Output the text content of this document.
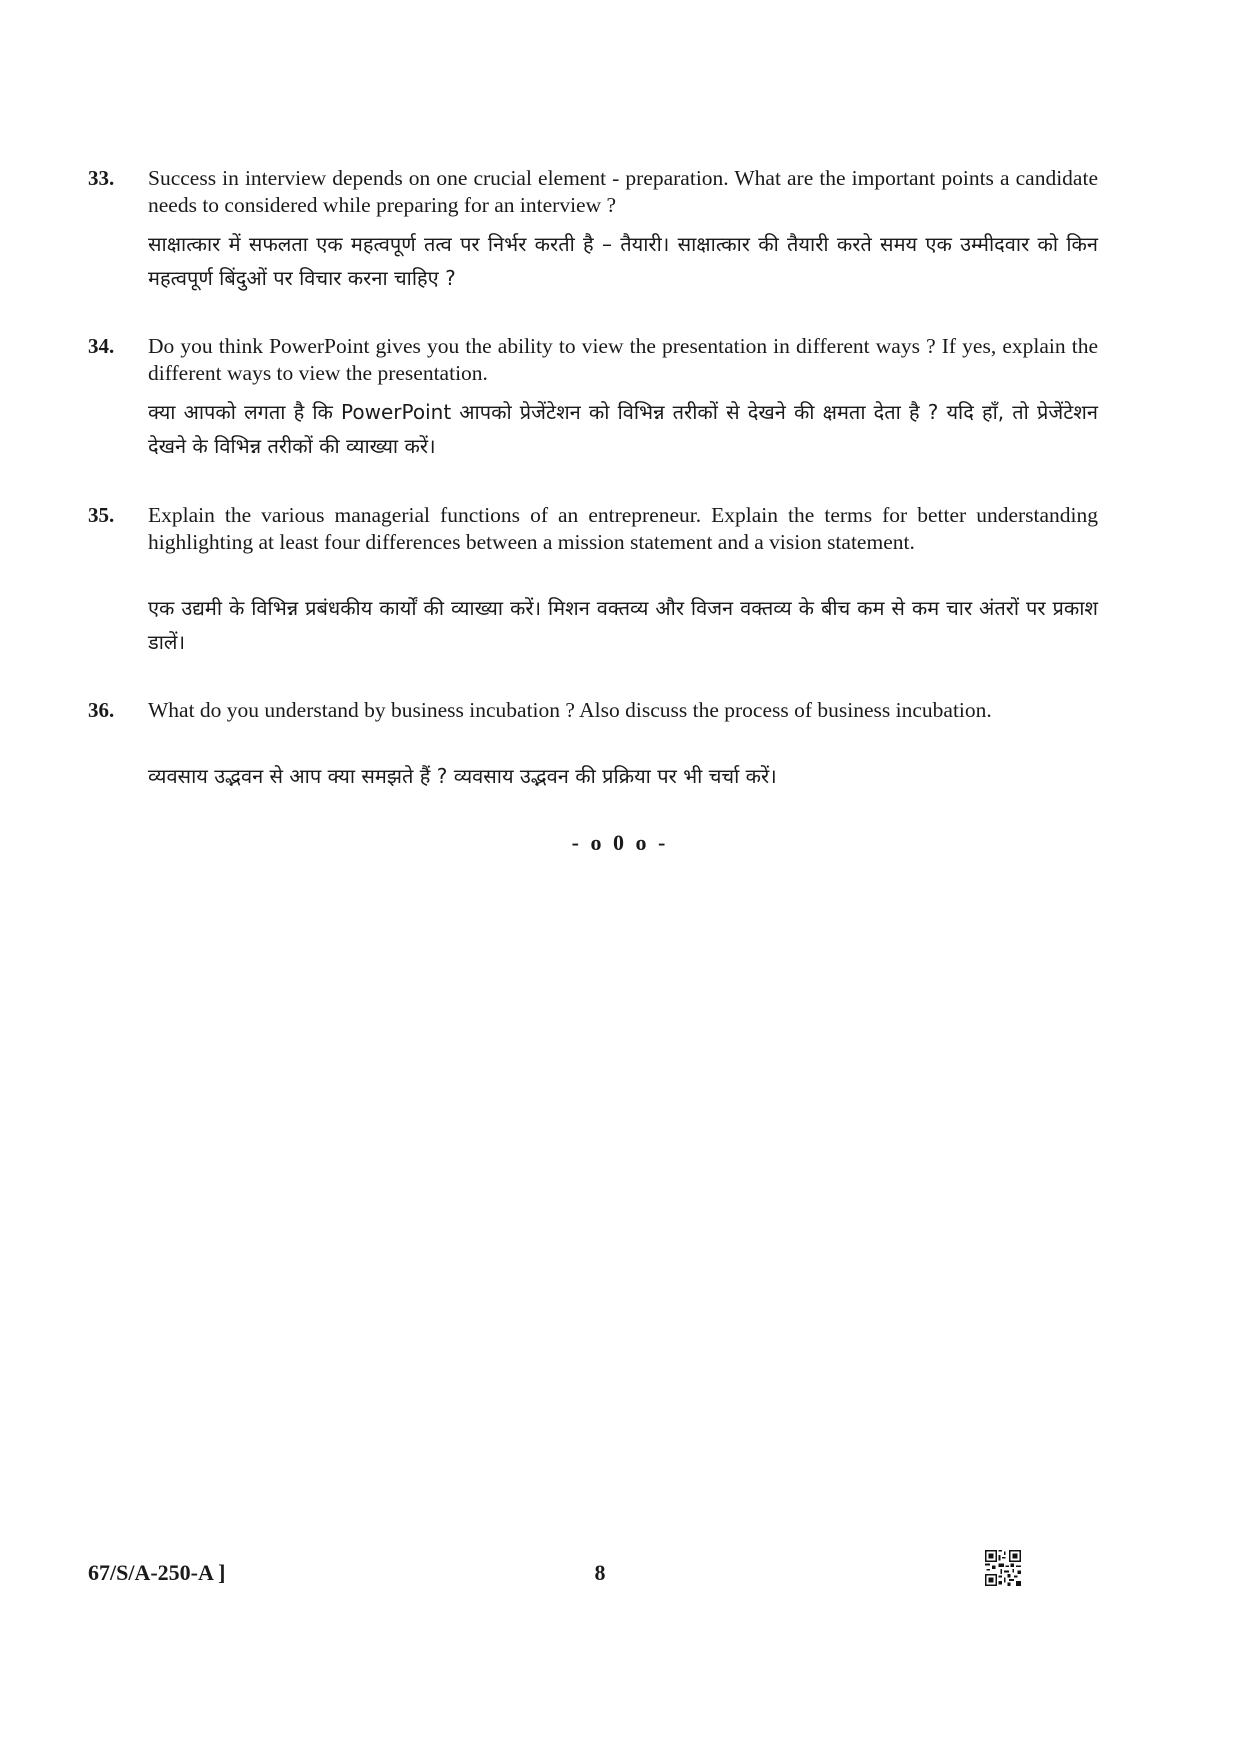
33. Success in interview depends on one crucial element - preparation. What are the important points a candidate needs to considered while preparing for an interview ?

साक्षात्कार में सफलता एक महत्वपूर्ण तत्व पर निर्भर करती है – तैयारी। साक्षात्कार की तैयारी करते समय एक उम्मीदवार को किन महत्वपूर्ण बिंदुओं पर विचार करना चाहिए ?

34. Do you think PowerPoint gives you the ability to view the presentation in different ways ? If yes, explain the different ways to view the presentation.

क्या आपको लगता है कि PowerPoint आपको प्रेजेंटेशन को विभिन्न तरीकों से देखने की क्षमता देता है ? यदि हाँ, तो प्रेजेंटेशन देखने के विभिन्न तरीकों की व्याख्या करें।

35. Explain the various managerial functions of an entrepreneur. Explain the terms for better understanding highlighting at least four differences between a mission statement and a vision statement.

एक उद्यमी के विभिन्न प्रबंधकीय कार्यों की व्याख्या करें। मिशन वक्तव्य और विजन वक्तव्य के बीच कम से कम चार अंतरों पर प्रकाश डालें।

36. What do you understand by business incubation ? Also discuss the process of business incubation.

व्यवसाय उद्भवन से आप क्या समझते हैं ? व्यवसाय उद्भवन की प्रक्रिया पर भी चर्चा करें।

- o 0 o -
67/S/A-250-A ]	8
